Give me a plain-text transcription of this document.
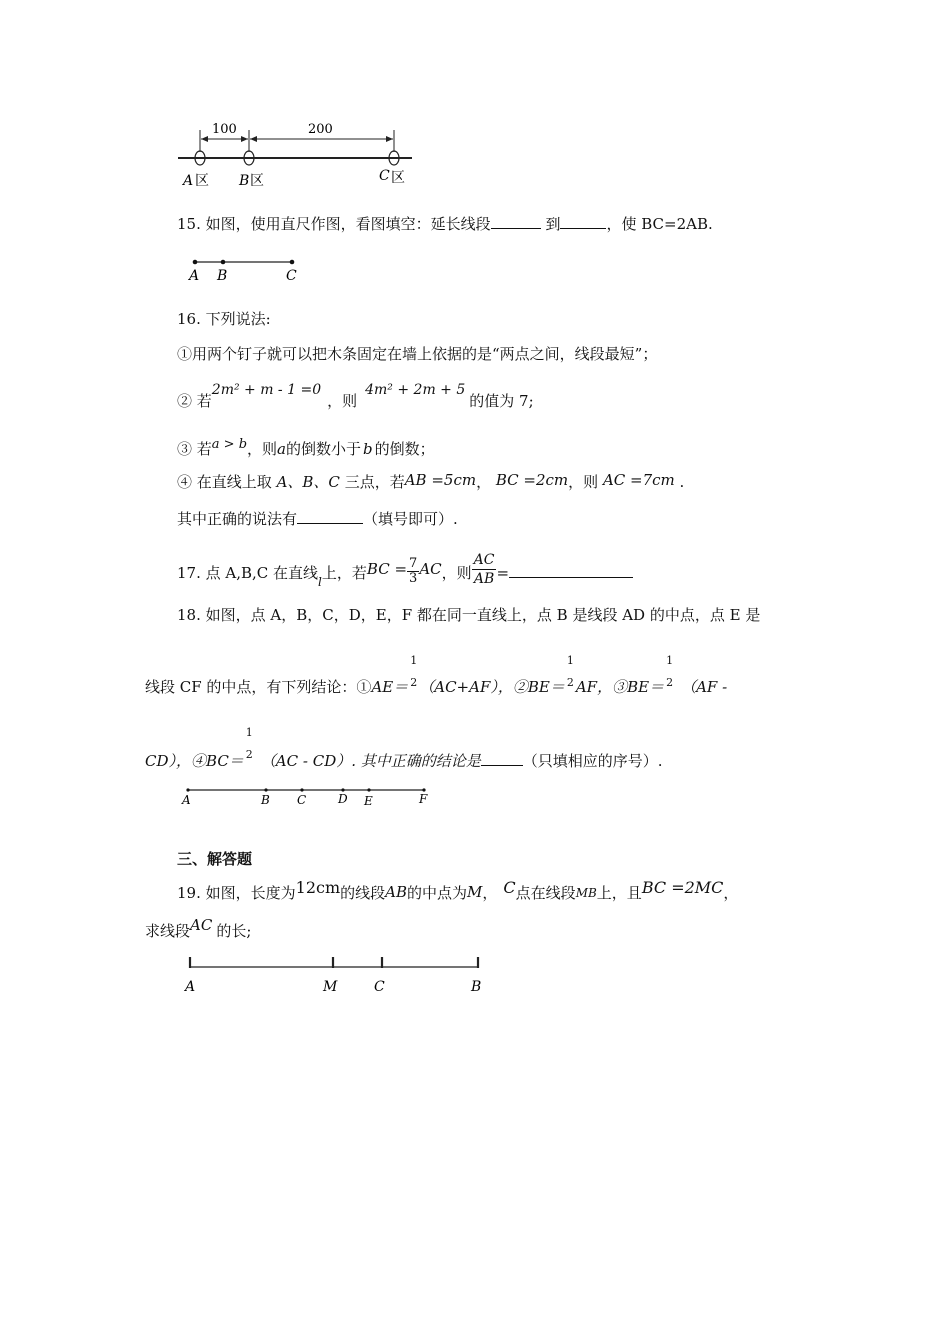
100	200
A 区 B 区	C 区
15. 如图，使用直尺作图，看图填空：延长线段	到	，使 BC=2AB.
A B	C
16. 下列说法:
①用两个钉子就可以把木条固定在墙上依据的是“两点之间，线段最短”；
② 若2m² + m - 1 =0，则4m² + 2m + 5的值为 7;
③ 若a > b，则a的倒数小于 b 的倒数；
④ 在直线上取 A、B、C 三点，若AB =5cm， BC =2cm，则 AC =7cm .
其中正确的说法有	（填号即可）.
17. 点 A,B,C 在直线$_l$上，若BC = $\frac{7}{3}$ AC，则 $\frac{AC}{AB}$ =
18. 如图，点 A，B，C，D，E，F 都在同一直线上，点 B 是线段 AD 的中点，点 E 是
线段 CF 的中点，有下列结论：①AE＝
1
2 （AC+AF），②BE＝
1
2 AF，③BE＝
1
2 （AF -
CD），④BC＝
1
2 （AC - CD）. 其中正确的结论是	（只填相应的序号）.
A	B C	D E	F
三、解答题
19. 如图，长度为12cm的线段AB的中点为M， C点在线段$_{MB}$上，且BC =2MC，
求线段AC 的长;
A	M	C	B
